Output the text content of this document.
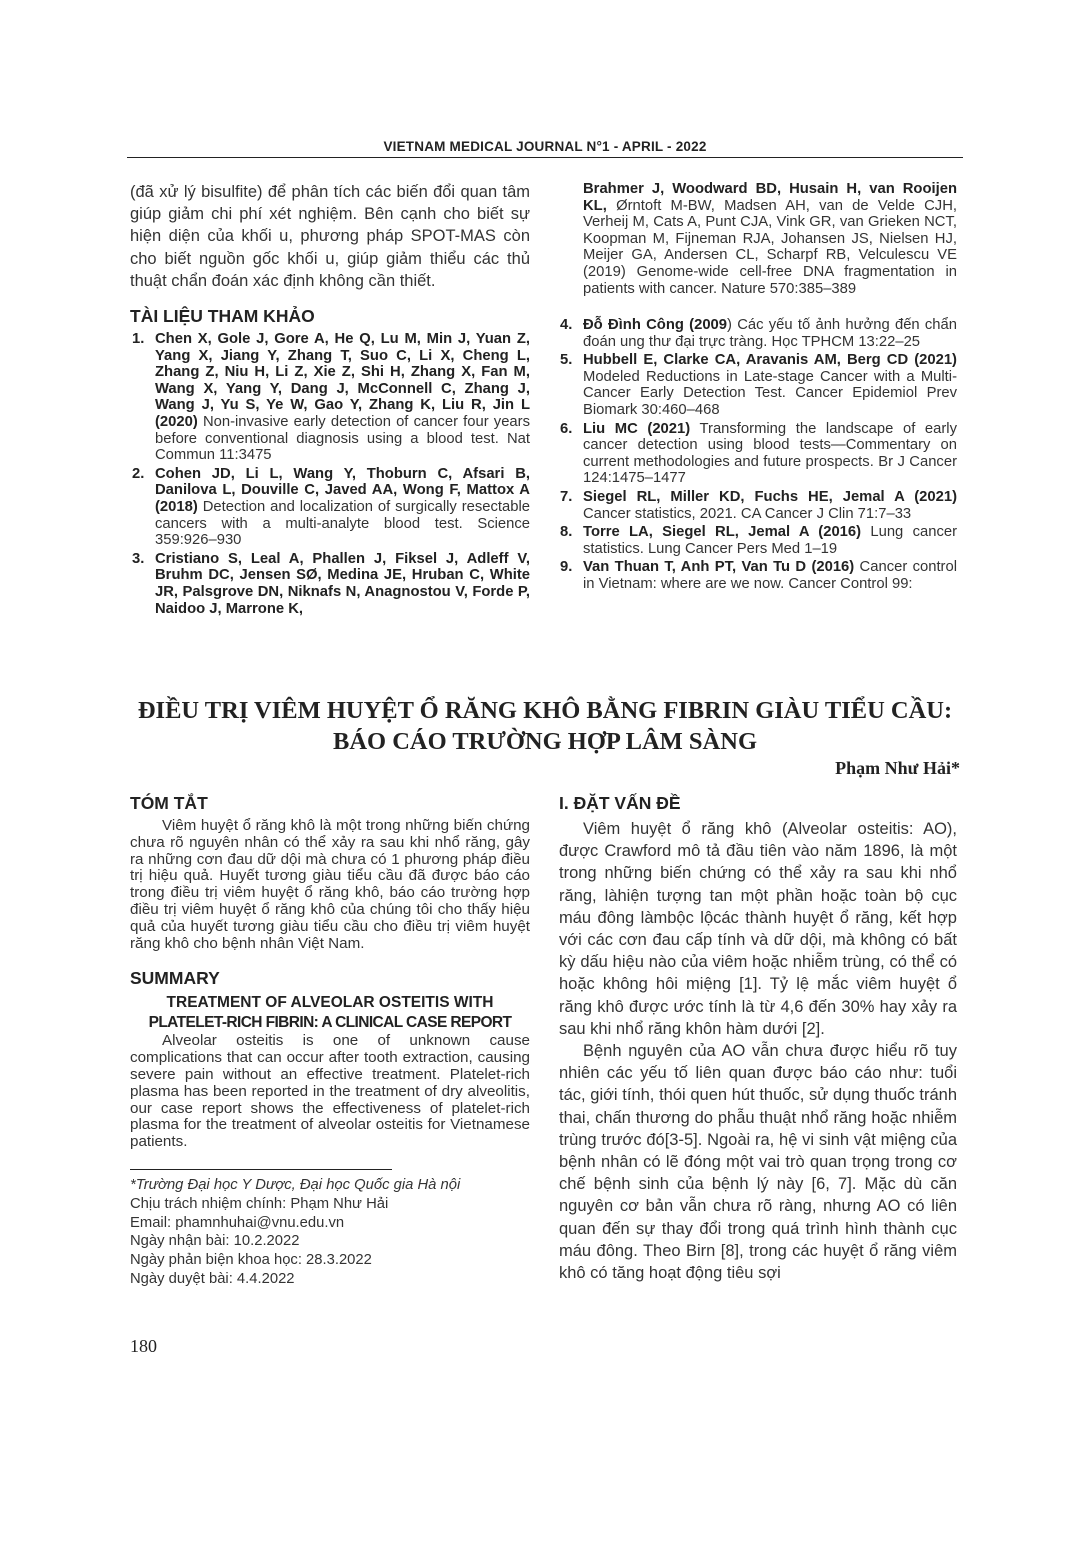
VIETNAM MEDICAL JOURNAL N°1 - APRIL - 2022

(đã xử lý bisulfite) để phân tích các biến đổi quan tâm giúp giảm chi phí xét nghiệm. Bên cạnh cho biết sự hiện diện của khối u, phương pháp SPOT-MAS còn cho biết nguồn gốc khối u, giúp giảm thiểu các thủ thuật chẩn đoán xác định không cần thiết.

TÀI LIỆU THAM KHẢO
1. Chen X, Gole J, Gore A, He Q, Lu M, Min J, Yuan Z, Yang X, Jiang Y, Zhang T, Suo C, Li X, Cheng L, Zhang Z, Niu H, Li Z, Xie Z, Shi H, Zhang X, Fan M, Wang X, Yang Y, Dang J, McConnell C, Zhang J, Wang J, Yu S, Ye W, Gao Y, Zhang K, Liu R, Jin L (2020) Non-invasive early detection of cancer four years before conventional diagnosis using a blood test. Nat Commun 11:3475
2. Cohen JD, Li L, Wang Y, Thoburn C, Afsari B, Danilova L, Douville C, Javed AA, Wong F, Mattox A (2018) Detection and localization of surgically resectable cancers with a multi-analyte blood test. Science 359:926–930
3. Cristiano S, Leal A, Phallen J, Fiksel J, Adleff V, Bruhm DC, Jensen SØ, Medina JE, Hruban C, White JR, Palsgrove DN, Niknafs N, Anagnostou V, Forde P, Naidoo J, Marrone K,

Brahmer J, Woodward BD, Husain H, van Rooijen KL, Ørntoft M-BW, Madsen AH, van de Velde CJH, Verheij M, Cats A, Punt CJA, Vink GR, van Grieken NCT, Koopman M, Fijneman RJA, Johansen JS, Nielsen HJ, Meijer GA, Andersen CL, Scharpf RB, Velculescu VE (2019) Genome-wide cell-free DNA fragmentation in patients with cancer. Nature 570:385–389

4. Đỗ Đình Công (2009) Các yếu tố ảnh hưởng đến chẩn đoán ung thư đại trực tràng. Học TPHCM 13:22–25
5. Hubbell E, Clarke CA, Aravanis AM, Berg CD (2021) Modeled Reductions in Late-stage Cancer with a Multi-Cancer Early Detection Test. Cancer Epidemiol Prev Biomark 30:460–468
6. Liu MC (2021) Transforming the landscape of early cancer detection using blood tests—Commentary on current methodologies and future prospects. Br J Cancer 124:1475–1477
7. Siegel RL, Miller KD, Fuchs HE, Jemal A (2021) Cancer statistics, 2021. CA Cancer J Clin 71:7–33
8. Torre LA, Siegel RL, Jemal A (2016) Lung cancer statistics. Lung Cancer Pers Med 1–19
9. Van Thuan T, Anh PT, Van Tu D (2016) Cancer control in Vietnam: where are we now. Cancer Control 99:
ĐIỀU TRỊ VIÊM HUYỆT Ổ RĂNG KHÔ BẰNG FIBRIN GIÀU TIỂU CẦU:
BÁO CÁO TRƯỜNG HỢP LÂM SÀNG
Phạm Như Hải*
TÓM TẮT

Viêm huyệt ổ răng khô là một trong những biến chứng chưa rõ nguyên nhân có thể xảy ra sau khi nhổ răng, gây ra những cơn đau dữ dội mà chưa có 1 phương pháp điều trị hiệu quả. Huyết tương giàu tiểu cầu đã được báo cáo trong điều trị viêm huyệt ổ răng khô, báo cáo trường hợp điều trị viêm huyệt ổ răng khô của chúng tôi cho thấy hiệu quả của huyết tương giàu tiểu cầu cho điều trị viêm huyệt răng khô cho bệnh nhân Việt Nam.

SUMMARY
TREATMENT OF ALVEOLAR OSTEITIS WITH
PLATELET-RICH FIBRIN: A CLINICAL CASE REPORT

Alveolar osteitis is one of unknown cause complications that can occur after tooth extraction, causing severe pain without an effective treatment. Platelet-rich plasma has been reported in the treatment of dry alveolitis, our case report shows the effectiveness of platelet-rich plasma for the treatment of alveolar osteitis for Vietnamese patients.

*Trường Đại học Y Dược, Đại học Quốc gia Hà nội

Chịu trách nhiệm chính: Phạm Như Hải

Email: phamnhuhai@vnu.edu.vn

Ngày nhận bài: 10.2.2022

Ngày phản biện khoa học: 28.3.2022

Ngày duyệt bài: 4.4.2022

I. ĐẶT VẤN ĐỀ

Viêm huyệt ổ răng khô (Alveolar osteitis: AO), được Crawford mô tả đầu tiên vào năm 1896, là một trong những biến chứng có thể xảy ra sau khi nhổ răng, làhiện tượng tan một phần hoặc toàn bộ cục máu đông làmbộc lộcác thành huyệt ổ răng, kết hợp với các cơn đau cấp tính và dữ dội, mà không có bất kỳ dấu hiệu nào của viêm hoặc nhiễm trùng, có thể có hoặc không hôi miệng [1]. Tỷ lệ mắc viêm huyệt ổ răng khô được ước tính là từ 4,6 đến 30% hay xảy ra sau khi nhổ răng khôn hàm dưới [2].

Bệnh nguyên của AO vẫn chưa được hiểu rõ tuy nhiên các yếu tố liên quan được báo cáo như: tuổi tác, giới tính, thói quen hút thuốc, sử dụng thuốc tránh thai, chấn thương do phẫu thuật nhổ răng hoặc nhiễm trùng trước đó[3-5]. Ngoài ra, hệ vi sinh vật miệng của bệnh nhân có lẽ đóng một vai trò quan trọng trong cơ chế bệnh sinh của bệnh lý này [6, 7]. Mặc dù căn nguyên cơ bản vẫn chưa rõ ràng, nhưng AO có liên quan đến sự thay đổi trong quá trình hình thành cục máu đông. Theo Birn [8], trong các huyệt ổ răng viêm khô có tăng hoạt động tiêu sợi

180
